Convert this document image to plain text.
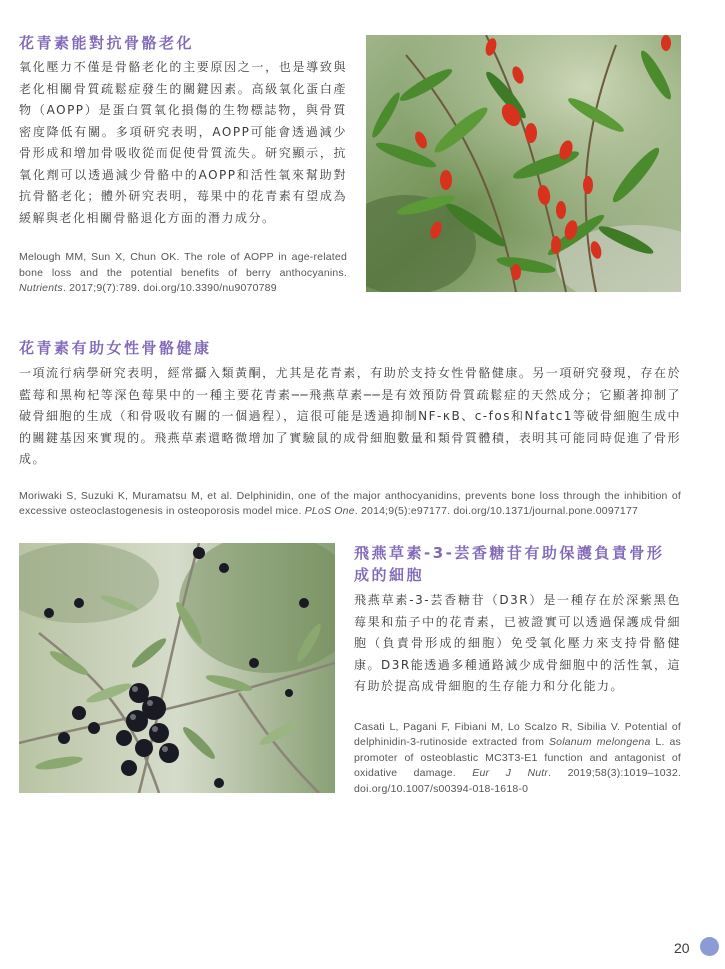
花青素能對抗骨骼老化

氧化壓力不僅是骨骼老化的主要原因之一，也是導致與老化相關骨質疏鬆症發生的關鍵因素。高級氧化蛋白產物（AOPP）是蛋白質氧化損傷的生物標誌物，與骨質密度降低有關。多項研究表明，AOPP可能會透過減少骨形成和增加骨吸收從而促使骨質流失。研究顯示，抗氧化劑可以透過減少骨骼中的AOPP和活性氧來幫助對抗骨骼老化；體外研究表明，莓果中的花青素有望成為緩解與老化相關骨骼退化方面的潛力成分。

Melough MM, Sun X, Chun OK. The role of AOPP in age-related bone loss and the potential benefits of berry anthocyanins. Nutrients. 2017;9(7):789. doi.org/10.3390/nu9070789

花青素有助女性骨骼健康

一項流行病學研究表明，經常攝入類黃酮，尤其是花青素，有助於支持女性骨骼健康。另一項研究發現，存在於藍莓和黑枸杞等深色莓果中的一種主要花青素──飛燕草素──是有效預防骨質疏鬆症的天然成分；它顯著抑制了破骨細胞的生成（和骨吸收有關的一個過程），這很可能是透過抑制NF-κB、c-fos和Nfatc1等破骨細胞生成中的關鍵基因來實現的。飛燕草素還略微增加了實驗鼠的成骨細胞數量和類骨質體積，表明其可能同時促進了骨形成。

Moriwaki S, Suzuki K, Muramatsu M, et al. Delphinidin, one of the major anthocyanidins, prevents bone loss through the inhibition of excessive osteoclastogenesis in osteoporosis model mice. PLoS One. 2014;9(5):e97177. doi.org/10.1371/journal.pone.0097177

飛燕草素-3-芸香糖苷有助保護負責骨形成的細胞

飛燕草素-3-芸香糖苷（D3R）是一種存在於深紫黑色莓果和茄子中的花青素，已被證實可以透過保護成骨細胞（負責骨形成的細胞）免受氧化壓力來支持骨骼健康。D3R能透過多種通路減少成骨細胞中的活性氧，這有助於提高成骨細胞的生存能力和分化能力。

Casati L, Pagani F, Fibiani M, Lo Scalzo R, Sibilia V. Potential of delphinidin-3-rutinoside extracted from Solanum melongena L. as promoter of osteoblastic MC3T3-E1 function and antagonist of oxidative damage. Eur J Nutr. 2019;58(3):1019–1032. doi.org/10.1007/s00394-018-1618-0

20
